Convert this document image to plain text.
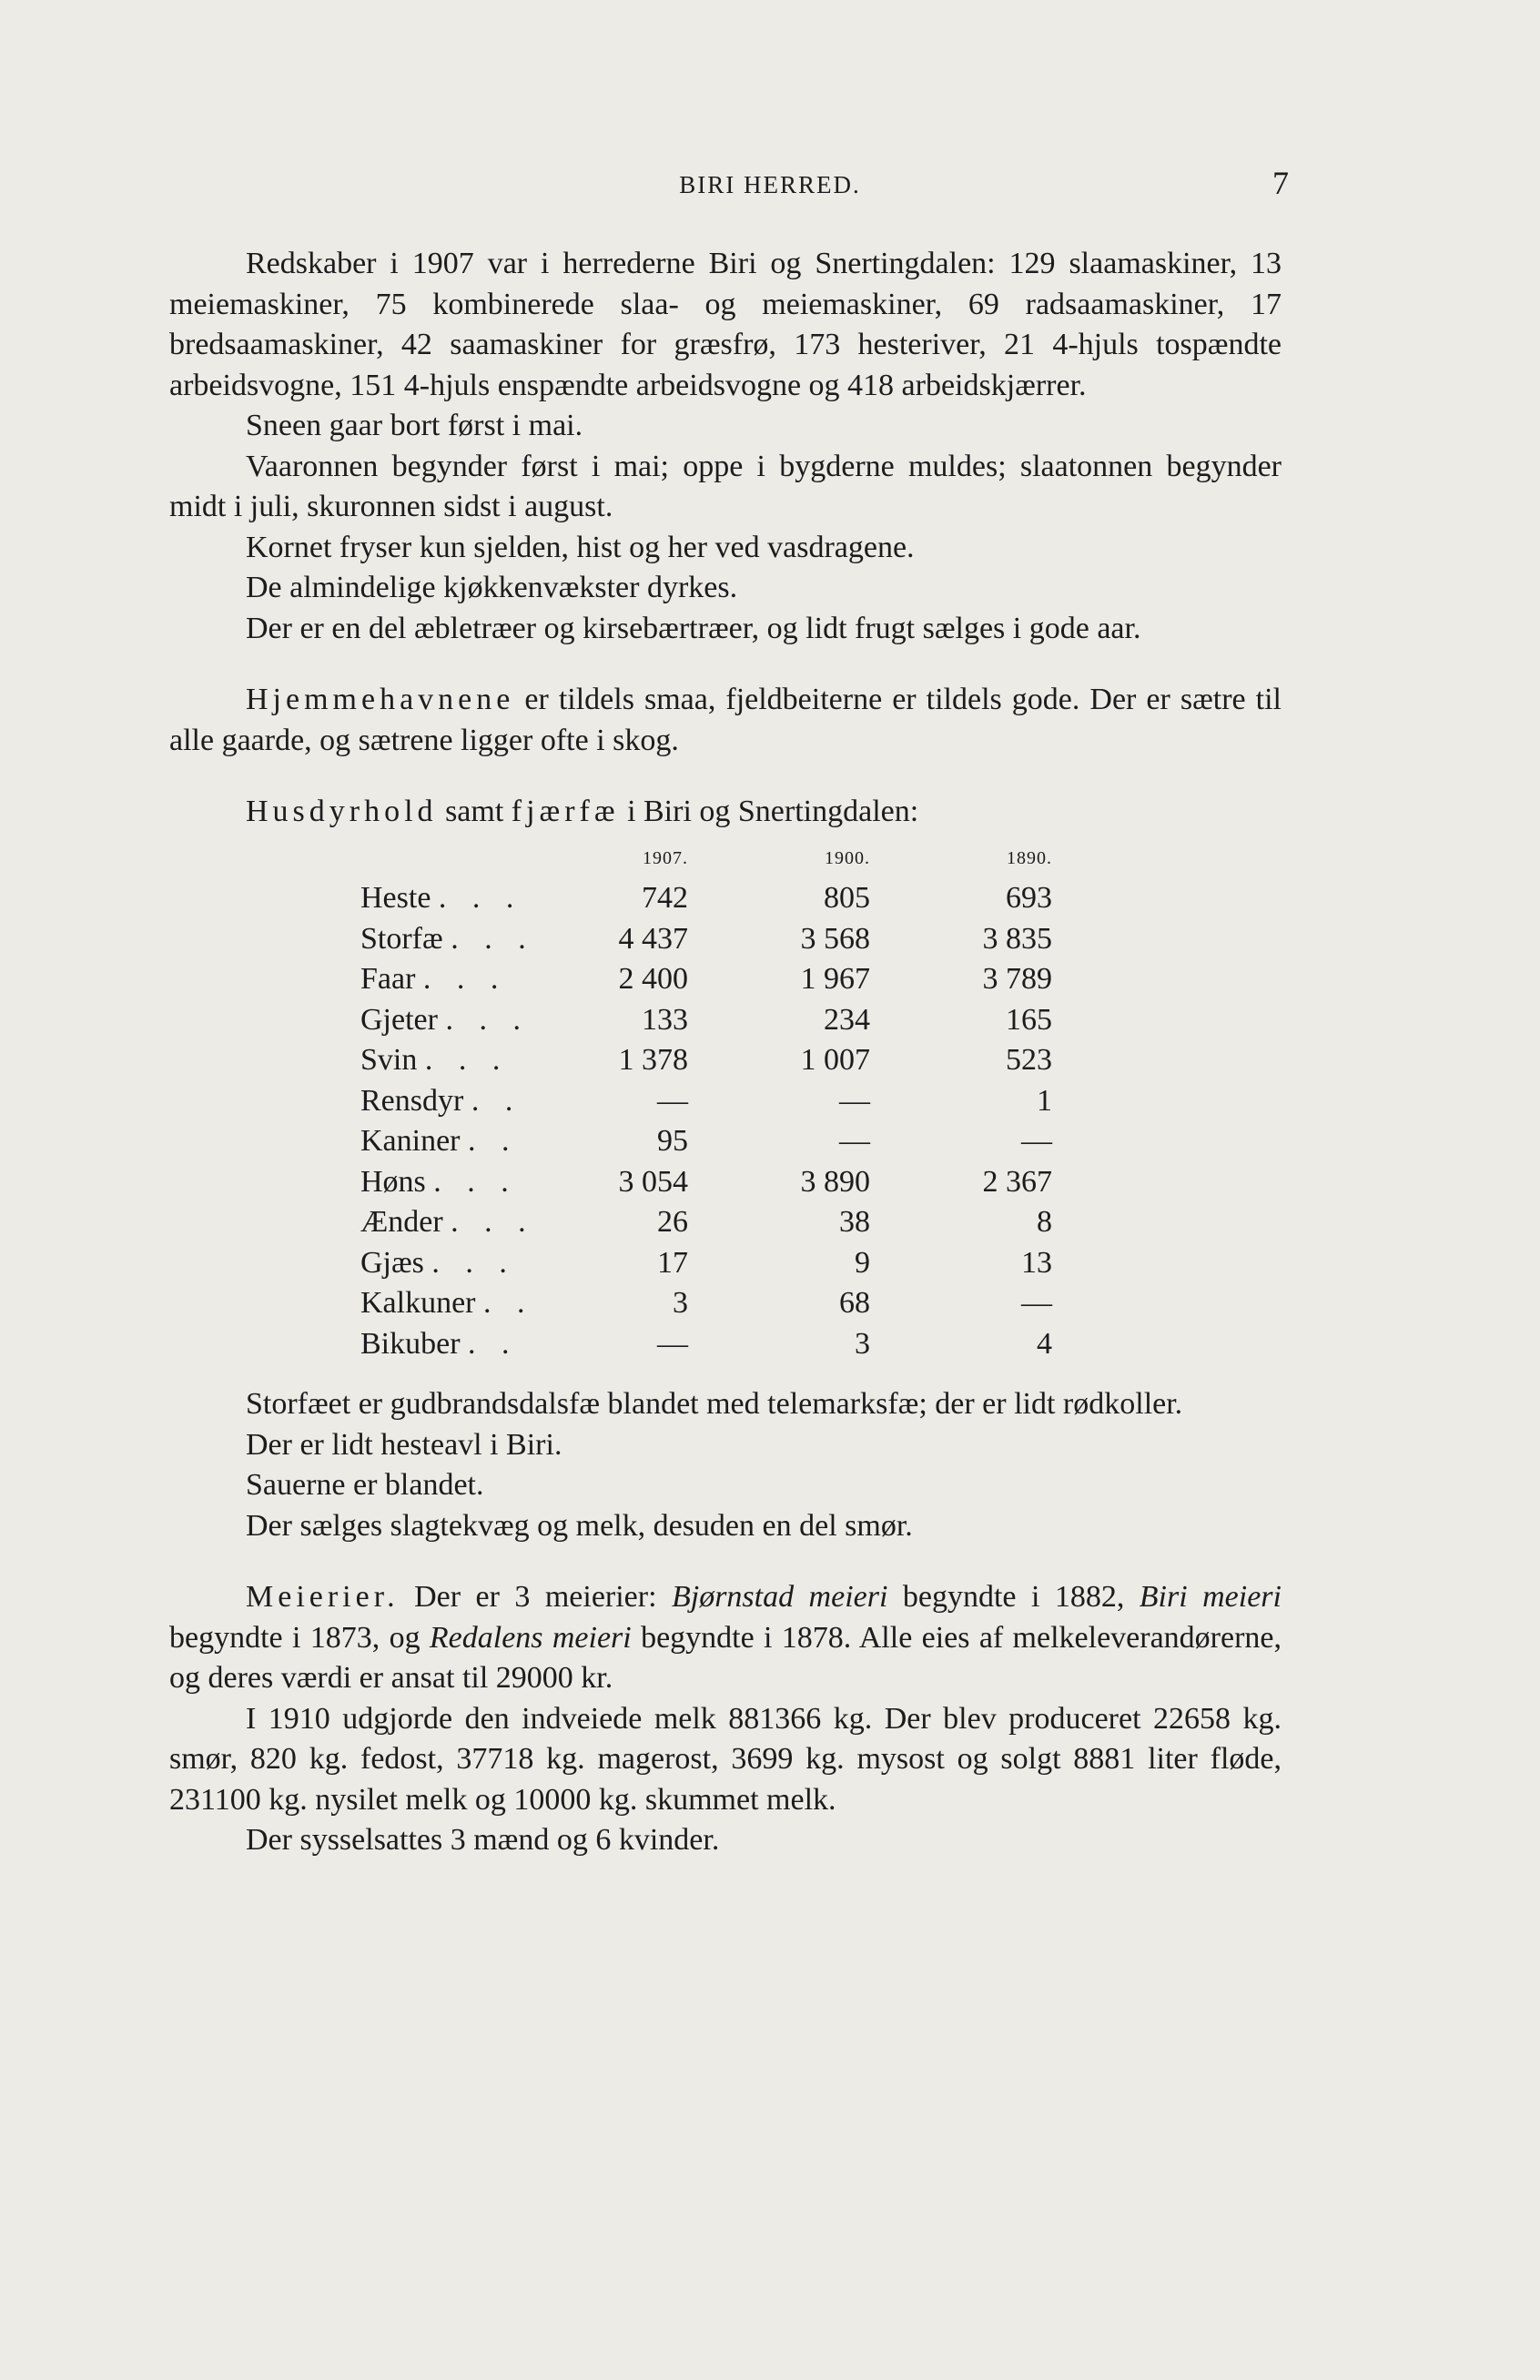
BIRI HERRED.	7

Redskaber i 1907 var i herrederne Biri og Snertingdalen: 129 slaamaskiner, 13 meiemaskiner, 75 kombinerede slaa- og meiemaskiner, 69 radsaamaskiner, 17 bredsaamaskiner, 42 saamaskiner for græsfrø, 173 hesteriver, 21 4-hjuls tospændte arbeidsvogne, 151 4-hjuls enspændte arbeidsvogne og 418 arbeidskjærrer.

Sneen gaar bort først i mai.

Vaaronnen begynder først i mai; oppe i bygderne muldes; slaatonnen begynder midt i juli, skuronnen sidst i august.

Kornet fryser kun sjelden, hist og her ved vasdragene.

De almindelige kjøkkenvækster dyrkes.

Der er en del æbletræer og kirsebærtræer, og lidt frugt sælges i gode aar.

Hjemmehavnene er tildels smaa, fjeldbeiterne er tildels gode. Der er sætre til alle gaarde, og sætrene ligger ofte i skog.

Husdyrhold samt fjærfæ i Biri og Snertingdalen:

	1907.	1900.	1890.
Heste . . .	742	805	693
Storfæ . . .	4 437	3 568	3 835
Faar . . .	2 400	1 967	3 789
Gjeter . . .	133	234	165
Svin . . .	1 378	1 007	523
Rensdyr . .	—	—	1
Kaniner . .	95	—	—
Høns . . .	3 054	3 890	2 367
Ænder . . .	26	38	8
Gjæs . . .	17	9	13
Kalkuner . .	3	68	—
Bikuber . .	—	3	4

Storfæet er gudbrandsdalsfæ blandet med telemarksfæ; der er lidt rødkoller.

Der er lidt hesteavl i Biri.

Sauerne er blandet.

Der sælges slagtekvæg og melk, desuden en del smør.

Meierier. Der er 3 meierier: Bjørnstad meieri begyndte i 1882, Biri meieri begyndte i 1873, og Redalens meieri begyndte i 1878. Alle eies af melkeleverandørerne, og deres værdi er ansat til 29000 kr.

I 1910 udgjorde den indveiede melk 881366 kg. Der blev produceret 22658 kg. smør, 820 kg. fedost, 37718 kg. magerost, 3699 kg. mysost og solgt 8881 liter fløde, 231100 kg. nysilet melk og 10000 kg. skummet melk.

Der sysselsattes 3 mænd og 6 kvinder.
